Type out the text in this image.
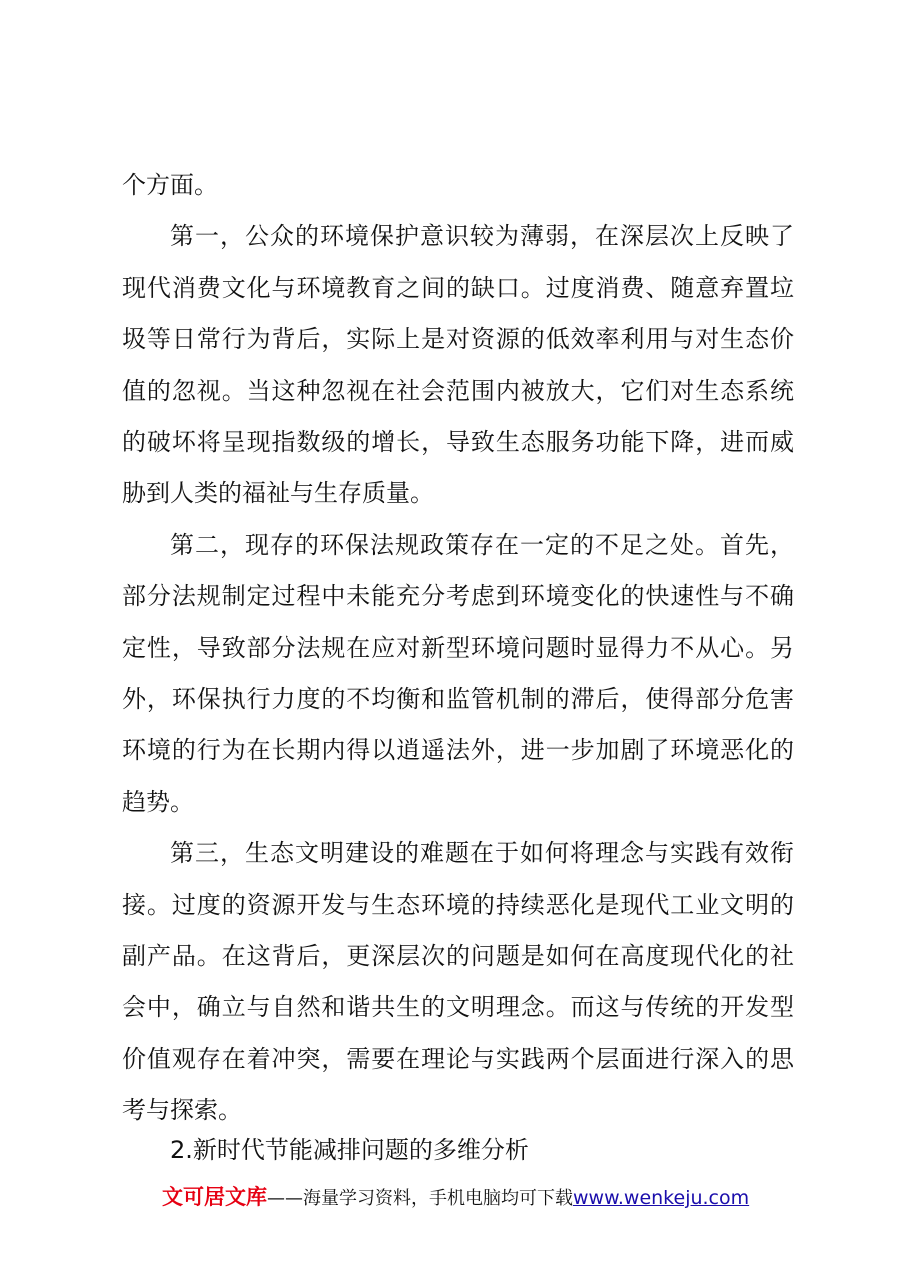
个方面。
第一，公众的环境保护意识较为薄弱，在深层次上反映了
现代消费文化与环境教育之间的缺口。过度消费、随意弃置垃
圾等日常行为背后，实际上是对资源的低效率利用与对生态价
值的忽视。当这种忽视在社会范围内被放大，它们对生态系统
的破坏将呈现指数级的增长，导致生态服务功能下降，进而威
胁到人类的福祉与生存质量。
第二，现存的环保法规政策存在一定的不足之处。首先，
部分法规制定过程中未能充分考虑到环境变化的快速性与不确
定性，导致部分法规在应对新型环境问题时显得力不从心。另
外，环保执行力度的不均衡和监管机制的滞后，使得部分危害
环境的行为在长期内得以逍遥法外，进一步加剧了环境恶化的
趋势。
第三，生态文明建设的难题在于如何将理念与实践有效衔
接。过度的资源开发与生态环境的持续恶化是现代工业文明的
副产品。在这背后，更深层次的问题是如何在高度现代化的社
会中，确立与自然和谐共生的文明理念。而这与传统的开发型
2.新时代节能减排问题的多维分析
文可居文库——海量学习资料，手机电脑均可下载www.wenkeju.com
价值观存在着冲突，需要在理论与实践两个层面进行深入的思
考与探索。
